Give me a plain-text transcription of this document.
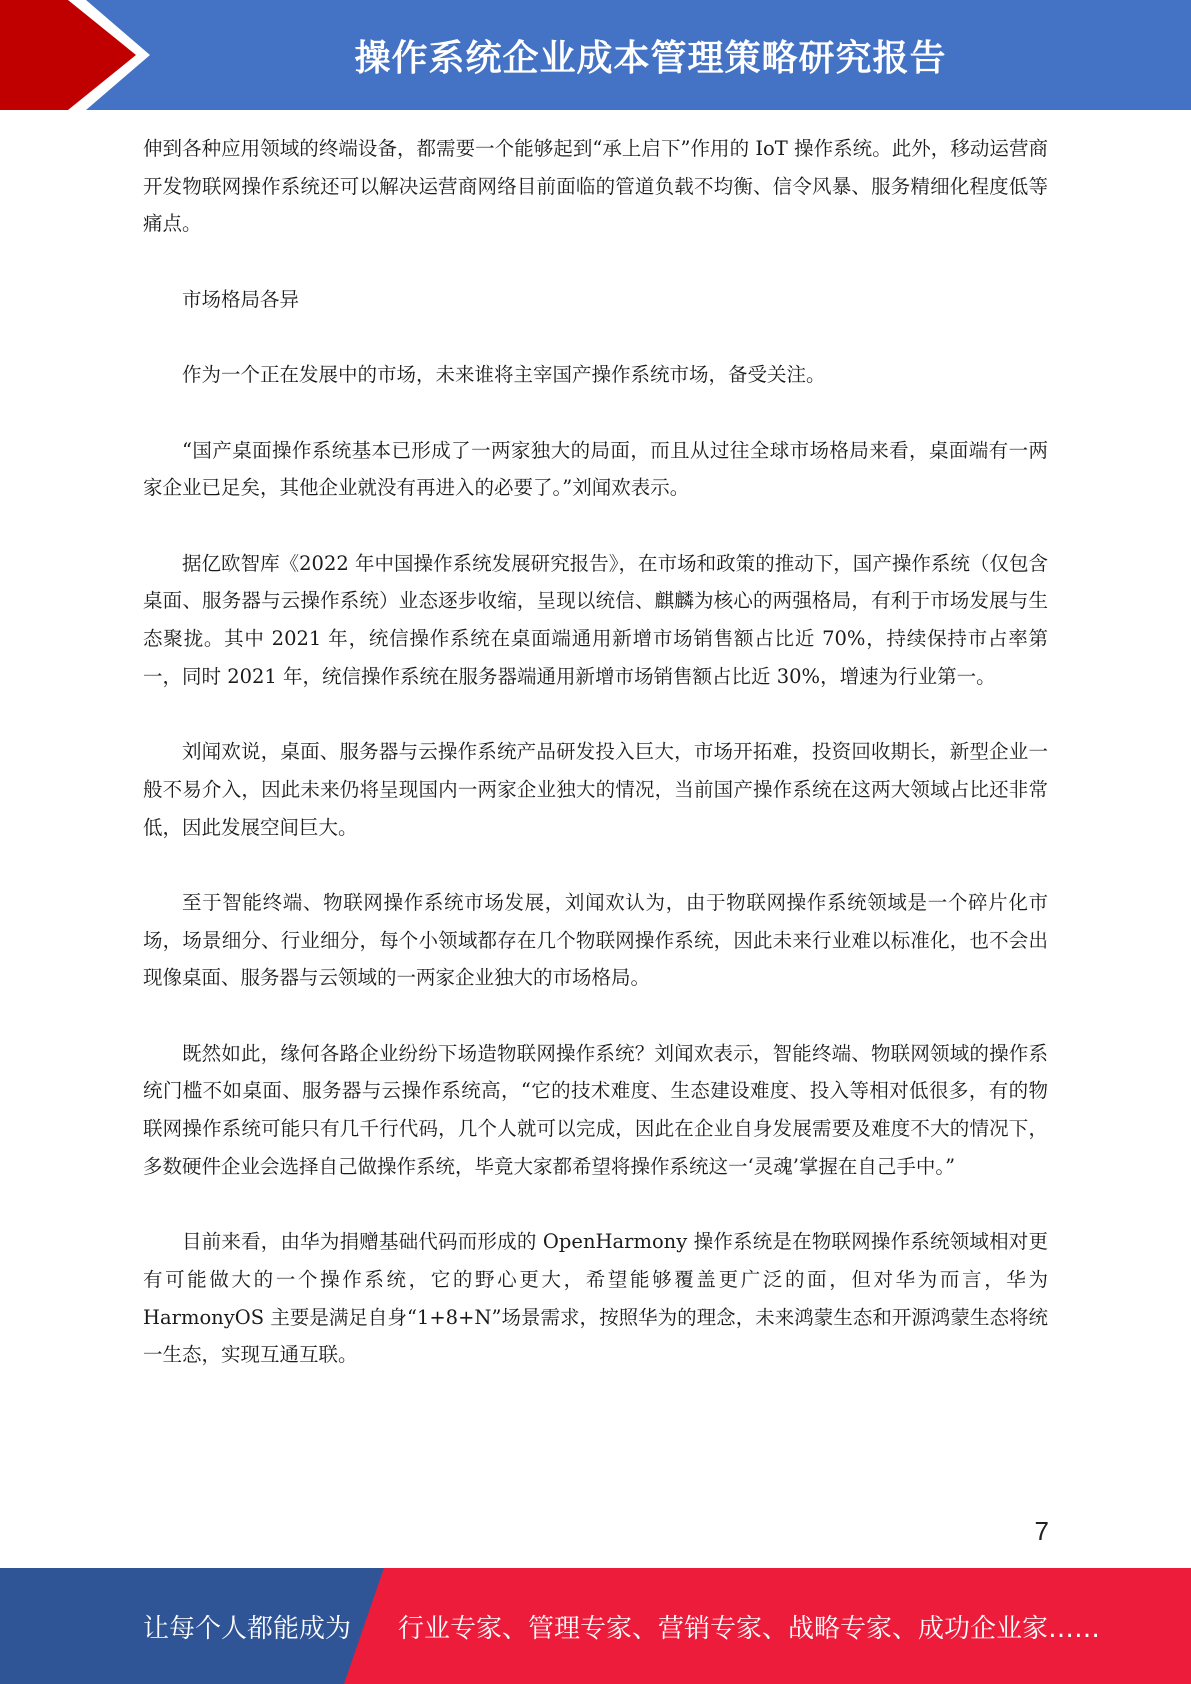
操作系统企业成本管理策略研究报告

伸到各种应用领域的终端设备，都需要一个能够起到“承上启下”作用的 IoT 操作系统。此外，移动运营商开发物联网操作系统还可以解决运营商网络目前面临的管道负载不均衡、信令风暴、服务精细化程度低等痛点。

市场格局各异

作为一个正在发展中的市场，未来谁将主宰国产操作系统市场，备受关注。

“国产桌面操作系统基本已形成了一两家独大的局面，而且从过往全球市场格局来看，桌面端有一两家企业已足矣，其他企业就没有再进入的必要了。”刘闻欢表示。

据亿欧智库《2022 年中国操作系统发展研究报告》，在市场和政策的推动下，国产操作系统（仅包含桌面、服务器与云操作系统）业态逐步收缩，呈现以统信、麒麟为核心的两强格局，有利于市场发展与生态聚拢。其中 2021 年，统信操作系统在桌面端通用新增市场销售额占比近 70%，持续保持市占率第一，同时 2021 年，统信操作系统在服务器端通用新增市场销售额占比近 30%，增速为行业第一。

刘闻欢说，桌面、服务器与云操作系统产品研发投入巨大，市场开拓难，投资回收期长，新型企业一般不易介入，因此未来仍将呈现国内一两家企业独大的情况，当前国产操作系统在这两大领域占比还非常低，因此发展空间巨大。

至于智能终端、物联网操作系统市场发展，刘闻欢认为，由于物联网操作系统领域是一个碎片化市场，场景细分、行业细分，每个小领域都存在几个物联网操作系统，因此未来行业难以标准化，也不会出现像桌面、服务器与云领域的一两家企业独大的市场格局。

既然如此，缘何各路企业纷纷下场造物联网操作系统？刘闻欢表示，智能终端、物联网领域的操作系统门槛不如桌面、服务器与云操作系统高，“它的技术难度、生态建设难度、投入等相对低很多，有的物联网操作系统可能只有几千行代码，几个人就可以完成，因此在企业自身发展需要及难度不大的情况下，多数硬件企业会选择自己做操作系统，毕竟大家都希望将操作系统这一‘灵魂’掌握在自己手中。”

目前来看，由华为捐赠基础代码而形成的 OpenHarmony 操作系统是在物联网操作系统领域相对更有可能做大的一个操作系统，它的野心更大，希望能够覆盖更广泛的面，但对华为而言，华为 HarmonyOS 主要是满足自身“1+8+N”场景需求，按照华为的理念，未来鸿蒙生态和开源鸿蒙生态将统一生态，实现互通互联。

7
让每个人都能成为 行业专家、管理专家、营销专家、战略专家、成功企业家……
